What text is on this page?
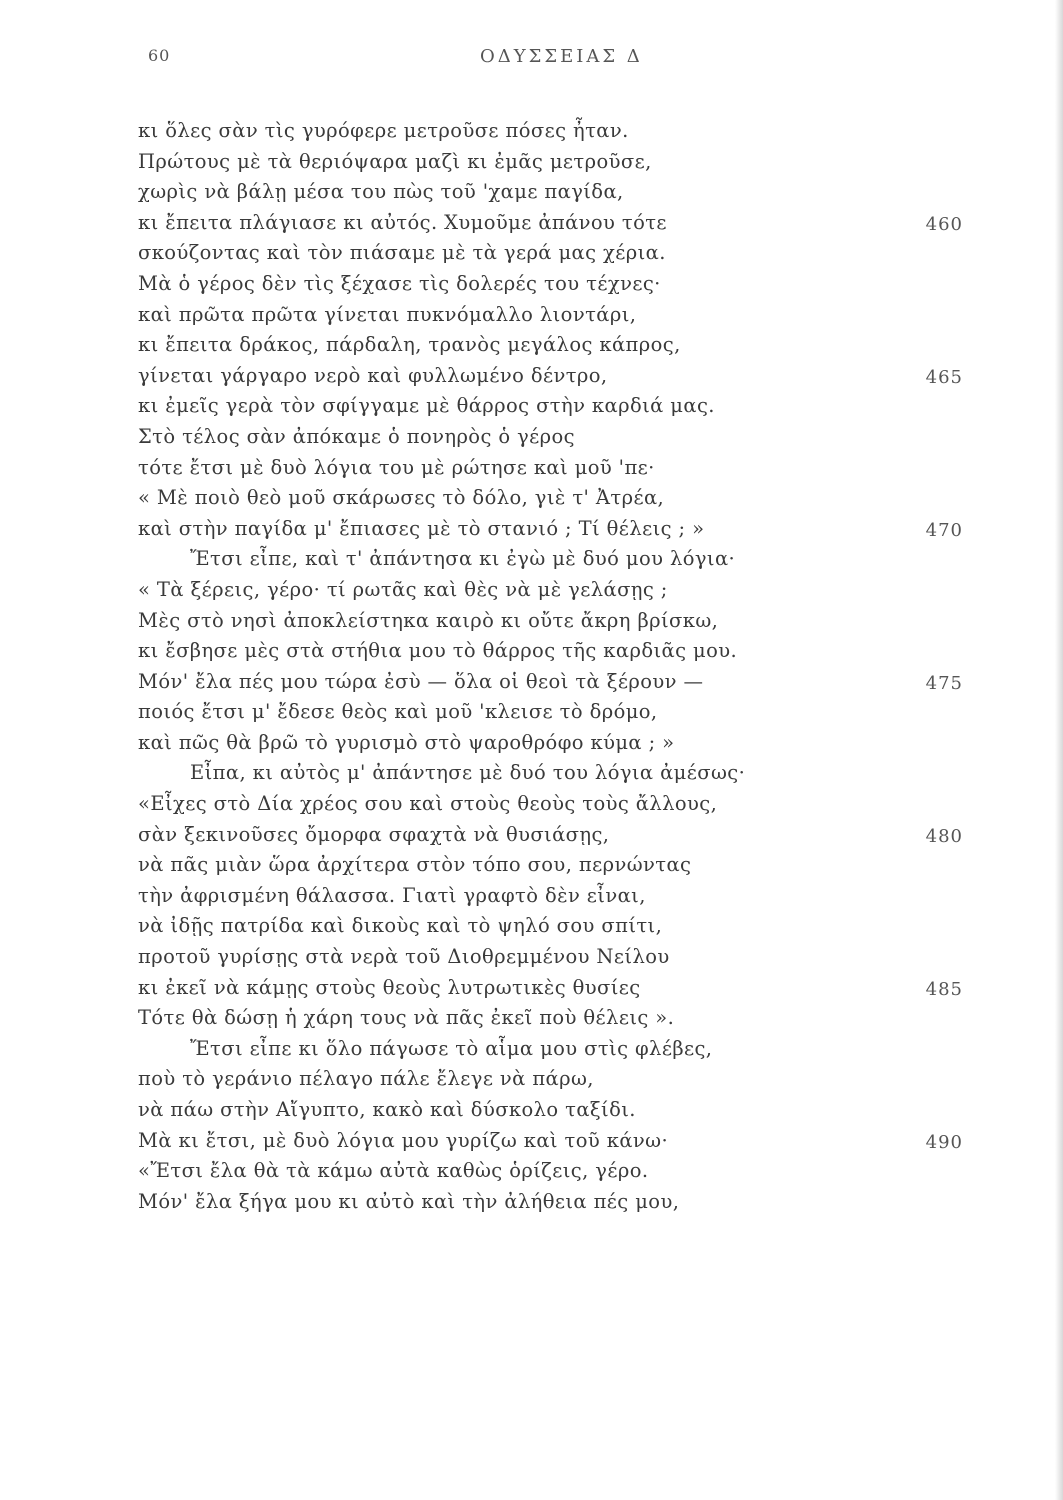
60	ΟΔΥΣΣΕΙΑΣ Δ
κι ὅλες σὰν τὶς γυρόφερε μετροῦσε πόσες ἦταν.
Πρώτους μὲ τὰ θεριόψαρα μαζὶ κι ἐμᾶς μετροῦσε,
χωρὶς νὰ βάλῃ μέσα του πὼς τοῦ 'χαμε παγίδα,
κι ἔπειτα πλάγιασε κι αὐτός. Χυμοῦμε ἀπάνου τότε	460
σκούζοντας καὶ τὸν πιάσαμε μὲ τὰ γερά μας χέρια.
Μὰ ὁ γέρος δὲν τὶς ξέχασε τὶς δολερές του τέχνες·
καὶ πρῶτα πρῶτα γίνεται πυκνόμαλλο λιοντάρι,
κι ἔπειτα δράκος, πάρδαλη, τρανὸς μεγάλος κάπρος,
γίνεται γάργαρο νερὸ καὶ φυλλωμένο δέντρο,	465
κι ἐμεῖς γερὰ τὸν σφίγγαμε μὲ θάρρος στὴν καρδιά μας.
Στὸ τέλος σὰν ἀπόκαμε ὁ πονηρὸς ὁ γέρος
τότε ἔτσι μὲ δυὸ λόγια του μὲ ρώτησε καὶ μοῦ 'πε·
« Μὲ ποιὸ θεὸ μοῦ σκάρωσες τὸ δόλο, γιὲ τ' Ἀτρέα,
καὶ στὴν παγίδα μ' ἔπιασες μὲ τὸ στανιό ; Τί θέλεις ; »	470
Ἔτσι εἶπε, καὶ τ' ἀπάντησα κι ἐγὼ μὲ δυό μου λόγια·
« Τὰ ξέρεις, γέρο· τί ρωτᾶς καὶ θὲς νὰ μὲ γελάσῃς ;
Μὲς στὸ νησὶ ἀποκλείστηκα καιρὸ κι οὔτε ἄκρη βρίσκω,
κι ἔσβησε μὲς στὰ στήθια μου τὸ θάρρος τῆς καρδιᾶς μου.
Μόν' ἔλα πές μου τώρα ἐσὺ — ὅλα οἱ θεοὶ τὰ ξέρουν —	475
ποιός ἔτσι μ' ἔδεσε θεὸς καὶ μοῦ 'κλεισε τὸ δρόμο,
καὶ πῶς θὰ βρῶ τὸ γυρισμὸ στὸ ψαροθρόφο κύμα ; »
Εἶπα, κι αὐτὸς μ' ἀπάντησε μὲ δυό του λόγια ἀμέσως·
«Εἶχες στὸ Δία χρέος σου καὶ στοὺς θεοὺς τοὺς ἄλλους,
σὰν ξεκινοῦσες ὄμορφα σφαχτὰ νὰ θυσιάσῃς,	480
νὰ πᾶς μιὰν ὥρα ἀρχίτερα στὸν τόπο σου, περνώντας
τὴν ἀφρισμένη θάλασσα. Γιατὶ γραφτὸ δὲν εἶναι,
νὰ ἰδῇς πατρίδα καὶ δικοὺς καὶ τὸ ψηλό σου σπίτι,
προτοῦ γυρίσῃς στὰ νερὰ τοῦ Διοθρεμμένου Νείλου
κι ἐκεῖ νὰ κάμῃς στοὺς θεοὺς λυτρωτικὲς θυσίες	485
Τότε θὰ δώσῃ ἡ χάρη τους νὰ πᾶς ἐκεῖ ποὺ θέλεις ».
Ἔτσι εἶπε κι ὅλο πάγωσε τὸ αἷμα μου στὶς φλέβες,
ποὺ τὸ γεράνιο πέλαγο πάλε ἔλεγε νὰ πάρω,
νὰ πάω στὴν Αἴγυπτο, κακὸ καὶ δύσκολο ταξίδι.
Μὰ κι ἔτσι, μὲ δυὸ λόγια μου γυρίζω καὶ τοῦ κάνω·	490
«Ἔτσι ἔλα θὰ τὰ κάμω αὐτὰ καθὼς ὁρίζεις, γέρο.
Μόν' ἔλα ξήγα μου κι αὐτὸ καὶ τὴν ἀλήθεια πές μου,
